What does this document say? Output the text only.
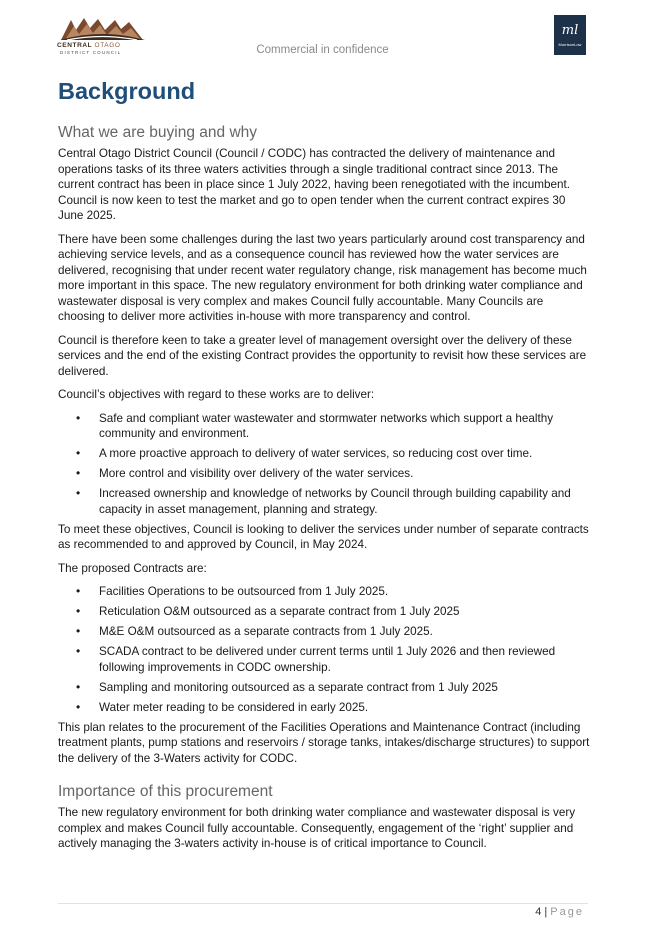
CENTRAL OTAGO
DISTRICT COUNCIL	Commercial in confidence
ml
MorrisonLow
Background
What we are buying and why

Central Otago District Council (Council / CODC) has contracted the delivery of maintenance and operations tasks of its three waters activities through a single traditional contract since 2013. The current contract has been in place since 1 July 2022, having been renegotiated with the incumbent. Council is now keen to test the market and go to open tender when the current contract expires 30 June 2025.

There have been some challenges during the last two years particularly around cost transparency and achieving service levels, and as a consequence council has reviewed how the water services are delivered, recognising that under recent water regulatory change, risk management has become much more important in this space. The new regulatory environment for both drinking water compliance and wastewater disposal is very complex and makes Council fully accountable. Many Councils are choosing to deliver more activities in-house with more transparency and control.

Council is therefore keen to take a greater level of management oversight over the delivery of these services and the end of the existing Contract provides the opportunity to revisit how these services are delivered.

Council’s objectives with regard to these works are to deliver:

• Safe and compliant water wastewater and stormwater networks which support a healthy community and environment.
• A more proactive approach to delivery of water services, so reducing cost over time.
• More control and visibility over delivery of the water services.
• Increased ownership and knowledge of networks by Council through building capability and capacity in asset management, planning and strategy.

To meet these objectives, Council is looking to deliver the services under number of separate contracts as recommended to and approved by Council, in May 2024.

The proposed Contracts are:

• Facilities Operations to be outsourced from 1 July 2025.
• Reticulation O&M outsourced as a separate contract from 1 July 2025
• M&E O&M outsourced as a separate contracts from 1 July 2025.
• SCADA contract to be delivered under current terms until 1 July 2026 and then reviewed following improvements in CODC ownership.
• Sampling and monitoring outsourced as a separate contract from 1 July 2025
• Water meter reading to be considered in early 2025.

This plan relates to the procurement of the Facilities Operations and Maintenance Contract (including treatment plants, pump stations and reservoirs / storage tanks, intakes/discharge structures) to support the delivery of the 3-Waters activity for CODC.

Importance of this procurement

The new regulatory environment for both drinking water compliance and wastewater disposal is very complex and makes Council fully accountable. Consequently, engagement of the ‘right’ supplier and actively managing the 3-waters activity in-house is of critical importance to Council.

4 | Page
